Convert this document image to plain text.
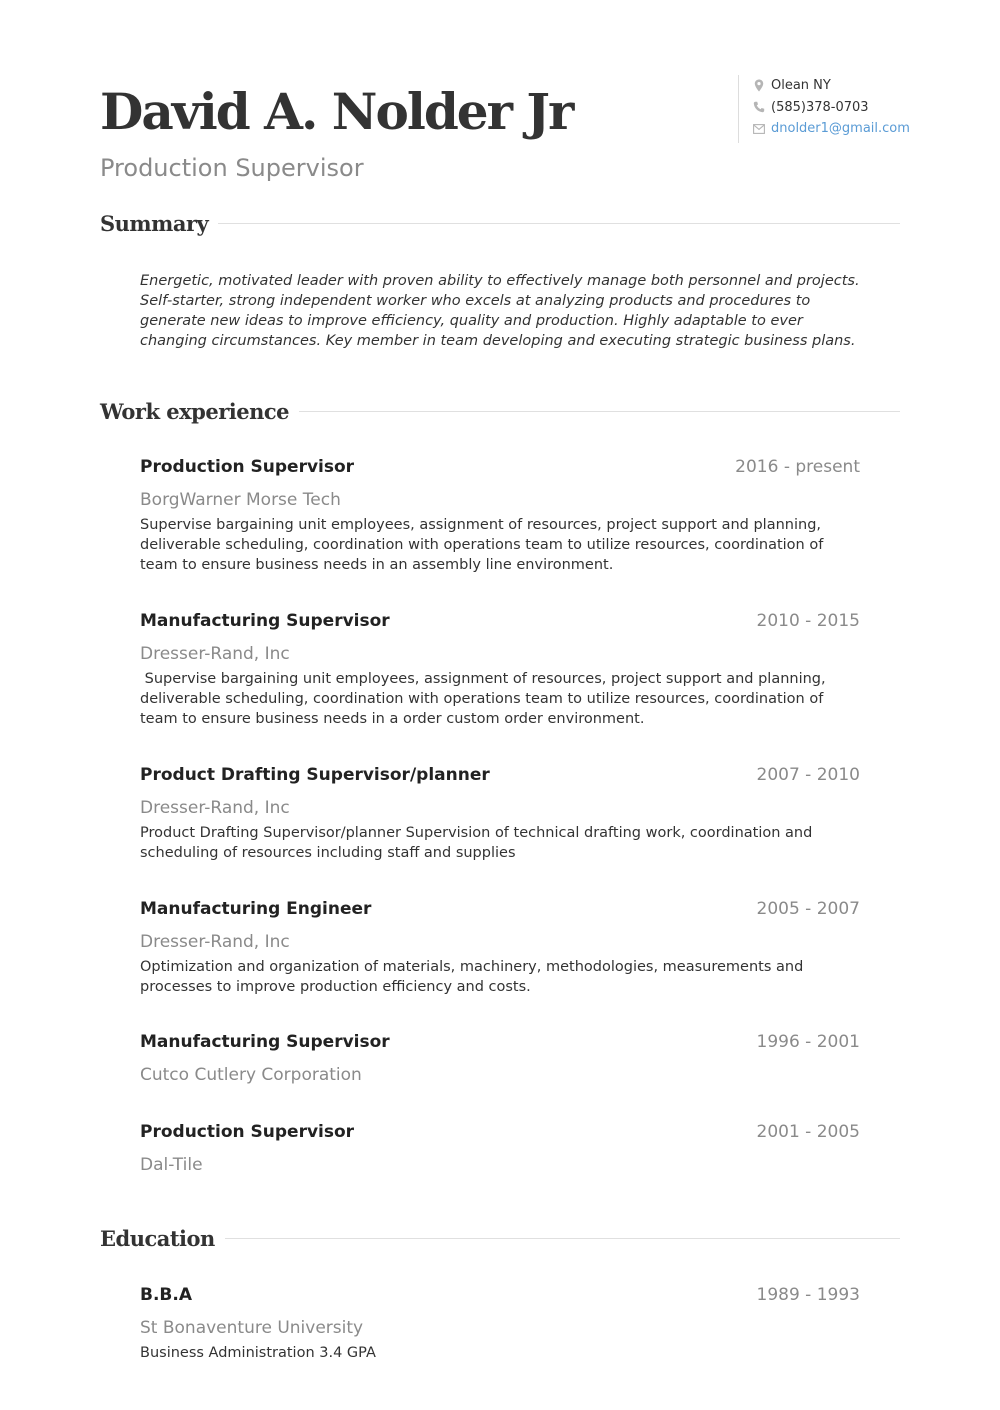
David A. Nolder Jr
Production Supervisor
Olean NY
(585)378-0703
dnolder1@gmail.com
Summary

Energetic, motivated leader with proven ability to effectively manage both personnel and projects. Self-starter, strong independent worker who excels at analyzing products and procedures to generate new ideas to improve efficiency, quality and production. Highly adaptable to ever changing circumstances. Key member in team developing and executing strategic business plans.

Work experience
Production Supervisor	2016 - present
BorgWarner Morse Tech

Supervise bargaining unit employees, assignment of resources, project support and planning, deliverable scheduling, coordination with operations team to utilize resources, coordination of team to ensure business needs in an assembly line environment.

Manufacturing Supervisor	2010 - 2015
Dresser-Rand, Inc

Supervise bargaining unit employees, assignment of resources, project support and planning, deliverable scheduling, coordination with operations team to utilize resources, coordination of team to ensure business needs in a order custom order environment.

Product Drafting Supervisor/planner	2007 - 2010
Dresser-Rand, Inc

Product Drafting Supervisor/planner Supervision of technical drafting work, coordination and scheduling of resources including staff and supplies

Manufacturing Engineer	2005 - 2007
Dresser-Rand, Inc

Optimization and organization of materials, machinery, methodologies, measurements and processes to improve production efficiency and costs.

Manufacturing Supervisor	1996 - 2001
Cutco Cutlery Corporation
Production Supervisor	2001 - 2005
Dal-Tile
Education
B.B.A	1989 - 1993
St Bonaventure University

Business Administration 3.4 GPA
